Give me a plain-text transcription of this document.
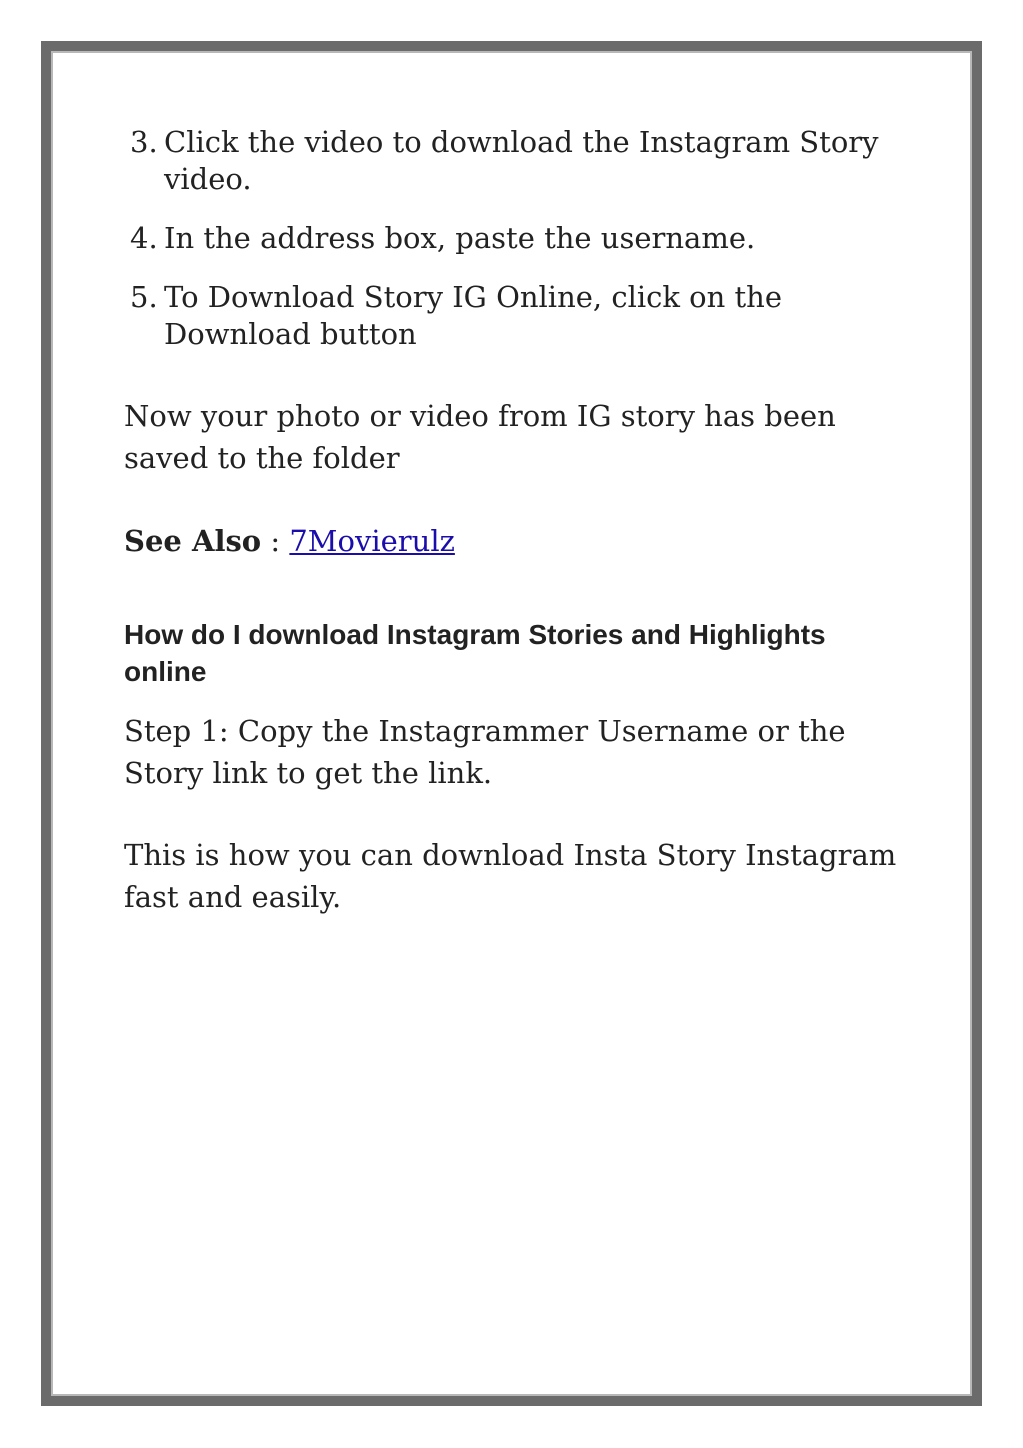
3. Click the video to download the Instagram Story video.
4. In the address box, paste the username.
5. To Download Story IG Online, click on the Download button

Now your photo or video from IG story has been saved to the folder

See Also : 7Movierulz

How do I download Instagram Stories and Highlights online

Step 1: Copy the Instagrammer Username or the Story link to get the link.

This is how you can download Insta Story Instagram fast and easily.
